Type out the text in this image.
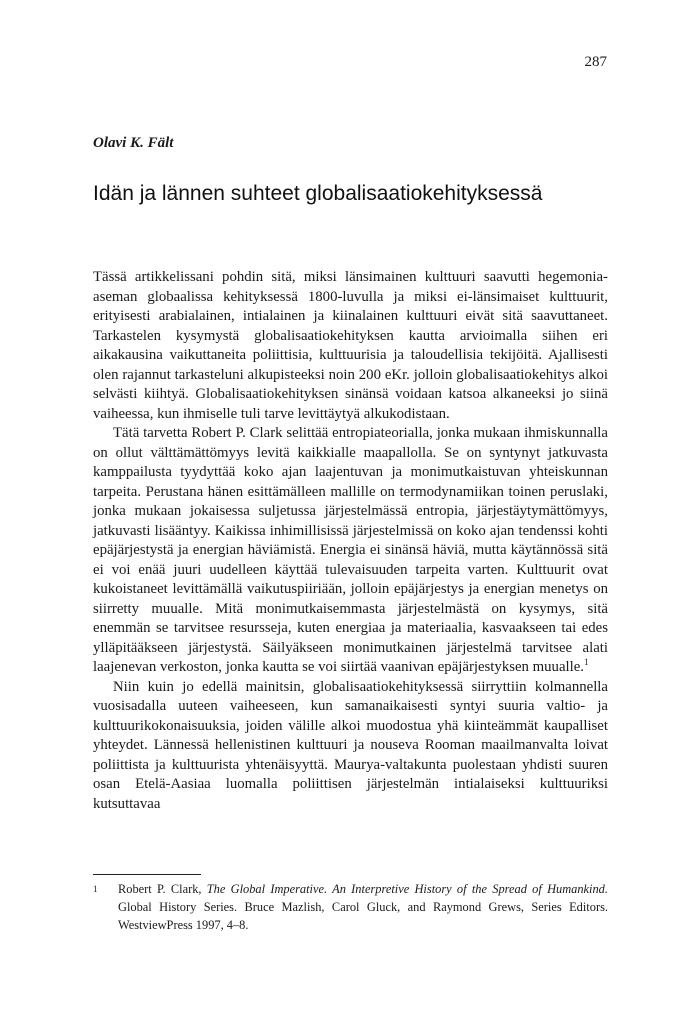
287
Olavi K. Fält
Idän ja lännen suhteet globalisaatiokehityksessä

Tässä artikkelissani pohdin sitä, miksi länsimainen kulttuuri saavutti hegemonia-aseman globaalissa kehityksessä 1800-luvulla ja miksi ei-länsimaiset kulttuurit, erityisesti arabialainen, intialainen ja kiinalainen kulttuuri eivät sitä saavuttaneet. Tarkastelen kysymystä globalisaatiokehityksen kautta arvioimalla siihen eri aikakausina vaikuttaneita poliittisia, kulttuurisia ja taloudellisia tekijöitä. Ajallisesti olen rajannut tarkasteluni alkupisteeksi noin 200 eKr. jolloin globalisaatiokehitys alkoi selvästi kiihtyä. Globalisaatiokehityksen sinänsä voidaan katsoa alkaneeksi jo siinä vaiheessa, kun ihmiselle tuli tarve levittäytyä alkukodistaan.

Tätä tarvetta Robert P. Clark selittää entropiateorialla, jonka mukaan ihmiskunnalla on ollut välttämättömyys levitä kaikkialle maapallolla. Se on syntynyt jatkuvasta kamppailusta tyydyttää koko ajan laajentuvan ja monimutkaistuvan yhteiskunnan tarpeita. Perustana hänen esittämälleen mallille on termodynamiikan toinen peruslaki, jonka mukaan jokaisessa suljetussa järjestelmässä entropia, järjestäytymättömyys, jatkuvasti lisääntyy. Kaikissa inhimillisissä järjestelmissä on koko ajan tendenssi kohti epäjärjestystä ja energian häviämistä. Energia ei sinänsä häviä, mutta käytännössä sitä ei voi enää juuri uudelleen käyttää tulevaisuuden tarpeita varten. Kulttuurit ovat kukoistaneet levittämällä vaikutuspiiriään, jolloin epäjärjestys ja energian menetys on siirretty muualle. Mitä monimutkaisemmasta järjestelmästä on kysymys, sitä enemmän se tarvitsee resursseja, kuten energiaa ja materiaalia, kasvaakseen tai edes ylläpitääkseen järjestystä. Säilyäkseen monimutkainen järjestelmä tarvitsee alati laajenevan verkoston, jonka kautta se voi siirtää vaanivan epäjärjestyksen muualle.$^1$

Niin kuin jo edellä mainitsin, globalisaatiokehityksessä siirryttiin kolmannella vuosisadalla uuteen vaiheeseen, kun samanaikaisesti syntyi suuria valtio- ja kulttuurikokonaisuuksia, joiden välille alkoi muodostua yhä kiinteämmät kaupalliset yhteydet. Lännessä hellenistinen kulttuuri ja nouseva Rooman maailmanvalta loivat poliittista ja kulttuurista yhtenäisyyttä. Maurya-valtakunta puolestaan yhdisti suuren osan Etelä-Aasiaa luomalla poliittisen järjestelmän intialaiseksi kulttuuriksi kutsuttavaa

1 Robert P. Clark, The Global Imperative. An Interpretive History of the Spread of Humankind. Global History Series. Bruce Mazlish, Carol Gluck, and Raymond Grews, Series Editors. WestviewPress 1997, 4–8.
